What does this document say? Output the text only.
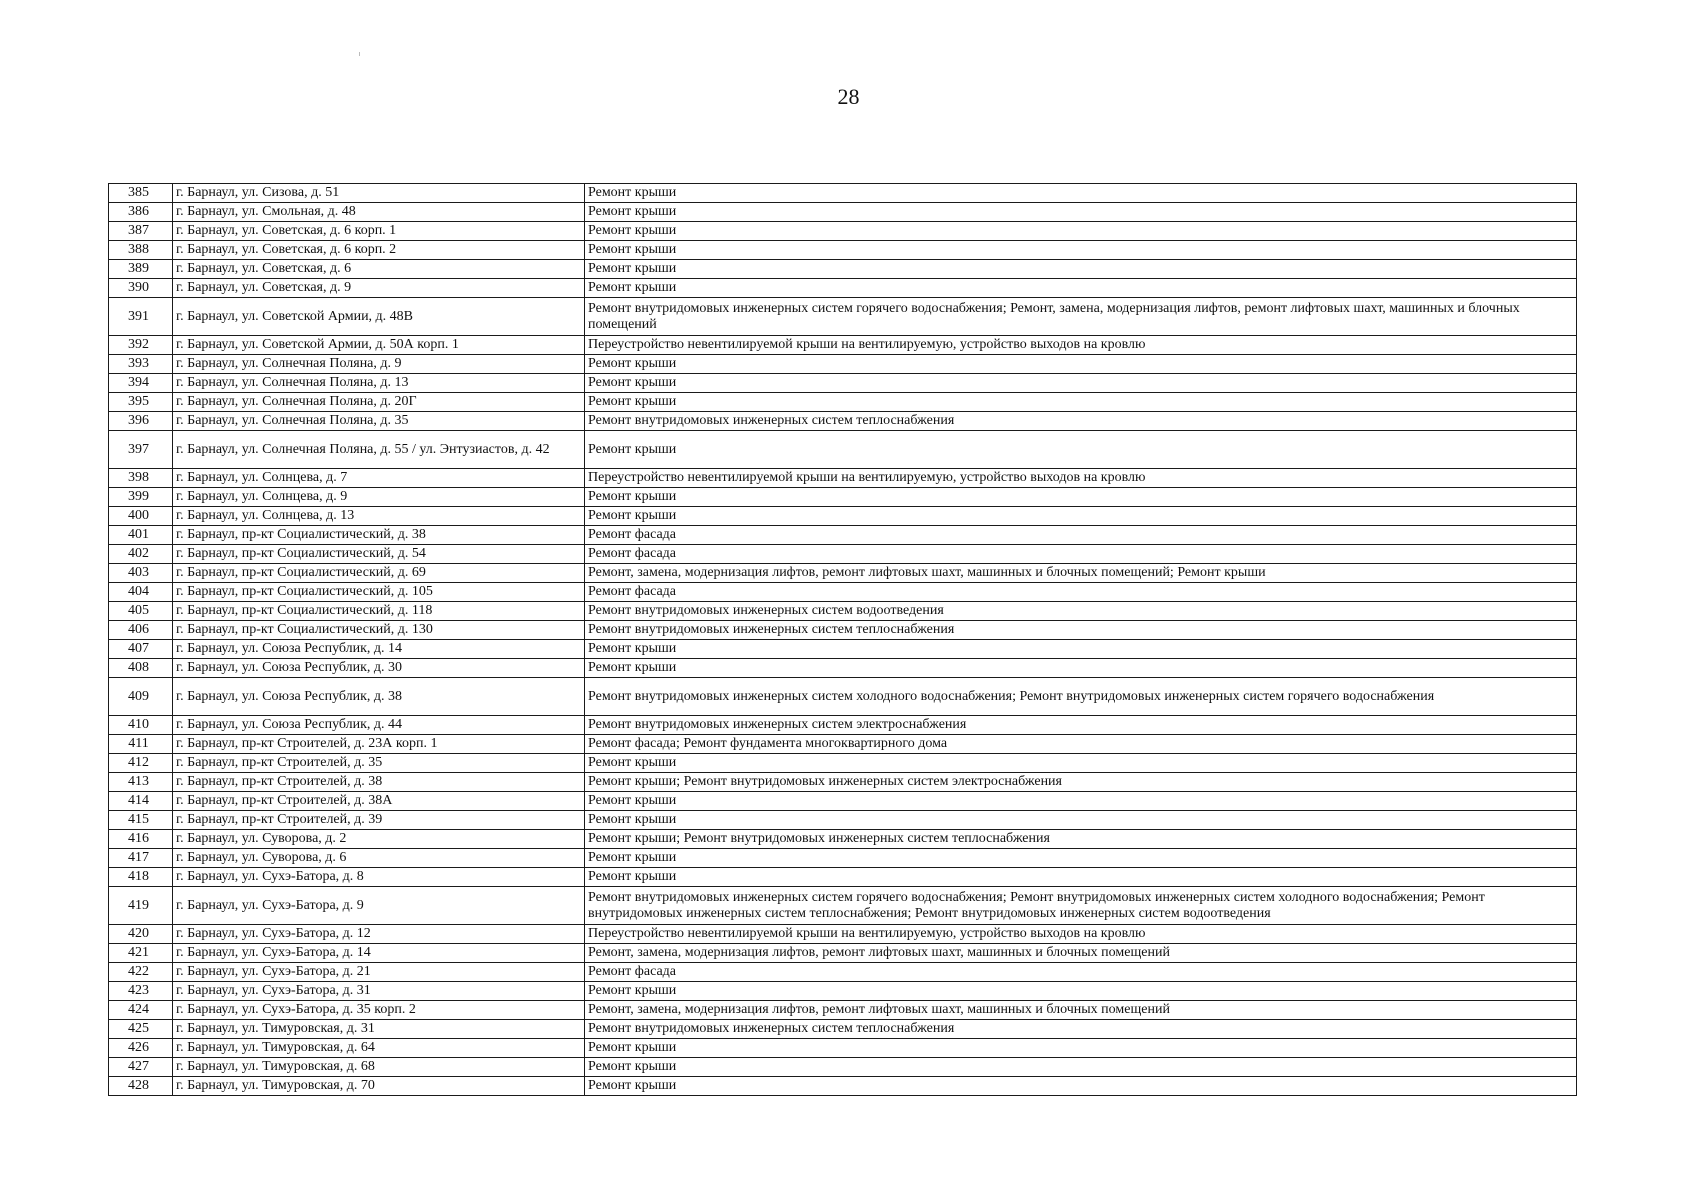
28
385	г. Барнаул, ул. Сизова, д. 51	Ремонт крыши
386	г. Барнаул, ул. Смольная, д. 48	Ремонт крыши
387	г. Барнаул, ул. Советская, д. 6 корп. 1	Ремонт крыши
388	г. Барнаул, ул. Советская, д. 6 корп. 2	Ремонт крыши
389	г. Барнаул, ул. Советская, д. 6	Ремонт крыши
390	г. Барнаул, ул. Советская, д. 9	Ремонт крыши
391	г. Барнаул, ул. Советской Армии, д. 48В	Ремонт внутридомовых инженерных систем горячего водоснабжения; Ремонт, замена, модернизация лифтов, ремонт лифтовых шахт, машинных и блочных помещений
392	г. Барнаул, ул. Советской Армии, д. 50А корп. 1	Переустройство невентилируемой крыши на вентилируемую, устройство выходов на кровлю
393	г. Барнаул, ул. Солнечная Поляна, д. 9	Ремонт крыши
394	г. Барнаул, ул. Солнечная Поляна, д. 13	Ремонт крыши
395	г. Барнаул, ул. Солнечная Поляна, д. 20Г	Ремонт крыши
396	г. Барнаул, ул. Солнечная Поляна, д. 35	Ремонт внутридомовых инженерных систем теплоснабжения
397	г. Барнаул, ул. Солнечная Поляна, д. 55 / ул. Энтузиастов, д. 42	Ремонт крыши
398	г. Барнаул, ул. Солнцева, д. 7	Переустройство невентилируемой крыши на вентилируемую, устройство выходов на кровлю
399	г. Барнаул, ул. Солнцева, д. 9	Ремонт крыши
400	г. Барнаул, ул. Солнцева, д. 13	Ремонт крыши
401	г. Барнаул, пр-кт Социалистический, д. 38	Ремонт фасада
402	г. Барнаул, пр-кт Социалистический, д. 54	Ремонт фасада
403	г. Барнаул, пр-кт Социалистический, д. 69	Ремонт, замена, модернизация лифтов, ремонт лифтовых шахт, машинных и блочных помещений; Ремонт крыши
404	г. Барнаул, пр-кт Социалистический, д. 105	Ремонт фасада
405	г. Барнаул, пр-кт Социалистический, д. 118	Ремонт внутридомовых инженерных систем водоотведения
406	г. Барнаул, пр-кт Социалистический, д. 130	Ремонт внутридомовых инженерных систем теплоснабжения
407	г. Барнаул, ул. Союза Республик, д. 14	Ремонт крыши
408	г. Барнаул, ул. Союза Республик, д. 30	Ремонт крыши
409	г. Барнаул, ул. Союза Республик, д. 38	Ремонт внутридомовых инженерных систем холодного водоснабжения; Ремонт внутридомовых инженерных систем горячего водоснабжения
410	г. Барнаул, ул. Союза Республик, д. 44	Ремонт внутридомовых инженерных систем электроснабжения
411	г. Барнаул, пр-кт Строителей, д. 23А корп. 1	Ремонт фасада; Ремонт фундамента многоквартирного дома
412	г. Барнаул, пр-кт Строителей, д. 35	Ремонт крыши
413	г. Барнаул, пр-кт Строителей, д. 38	Ремонт крыши; Ремонт внутридомовых инженерных систем электроснабжения
414	г. Барнаул, пр-кт Строителей, д. 38А	Ремонт крыши
415	г. Барнаул, пр-кт Строителей, д. 39	Ремонт крыши
416	г. Барнаул, ул. Суворова, д. 2	Ремонт крыши; Ремонт внутридомовых инженерных систем теплоснабжения
417	г. Барнаул, ул. Суворова, д. 6	Ремонт крыши
418	г. Барнаул, ул. Сухэ-Батора, д. 8	Ремонт крыши
419	г. Барнаул, ул. Сухэ-Батора, д. 9	Ремонт внутридомовых инженерных систем горячего водоснабжения; Ремонт внутридомовых инженерных систем холодного водоснабжения; Ремонт внутридомовых инженерных систем теплоснабжения; Ремонт внутридомовых инженерных систем водоотведения
420	г. Барнаул, ул. Сухэ-Батора, д. 12	Переустройство невентилируемой крыши на вентилируемую, устройство выходов на кровлю
421	г. Барнаул, ул. Сухэ-Батора, д. 14	Ремонт, замена, модернизация лифтов, ремонт лифтовых шахт, машинных и блочных помещений
422	г. Барнаул, ул. Сухэ-Батора, д. 21	Ремонт фасада
423	г. Барнаул, ул. Сухэ-Батора, д. 31	Ремонт крыши
424	г. Барнаул, ул. Сухэ-Батора, д. 35 корп. 2	Ремонт, замена, модернизация лифтов, ремонт лифтовых шахт, машинных и блочных помещений
425	г. Барнаул, ул. Тимуровская, д. 31	Ремонт внутридомовых инженерных систем теплоснабжения
426	г. Барнаул, ул. Тимуровская, д. 64	Ремонт крыши
427	г. Барнаул, ул. Тимуровская, д. 68	Ремонт крыши
428	г. Барнаул, ул. Тимуровская, д. 70	Ремонт крыши
